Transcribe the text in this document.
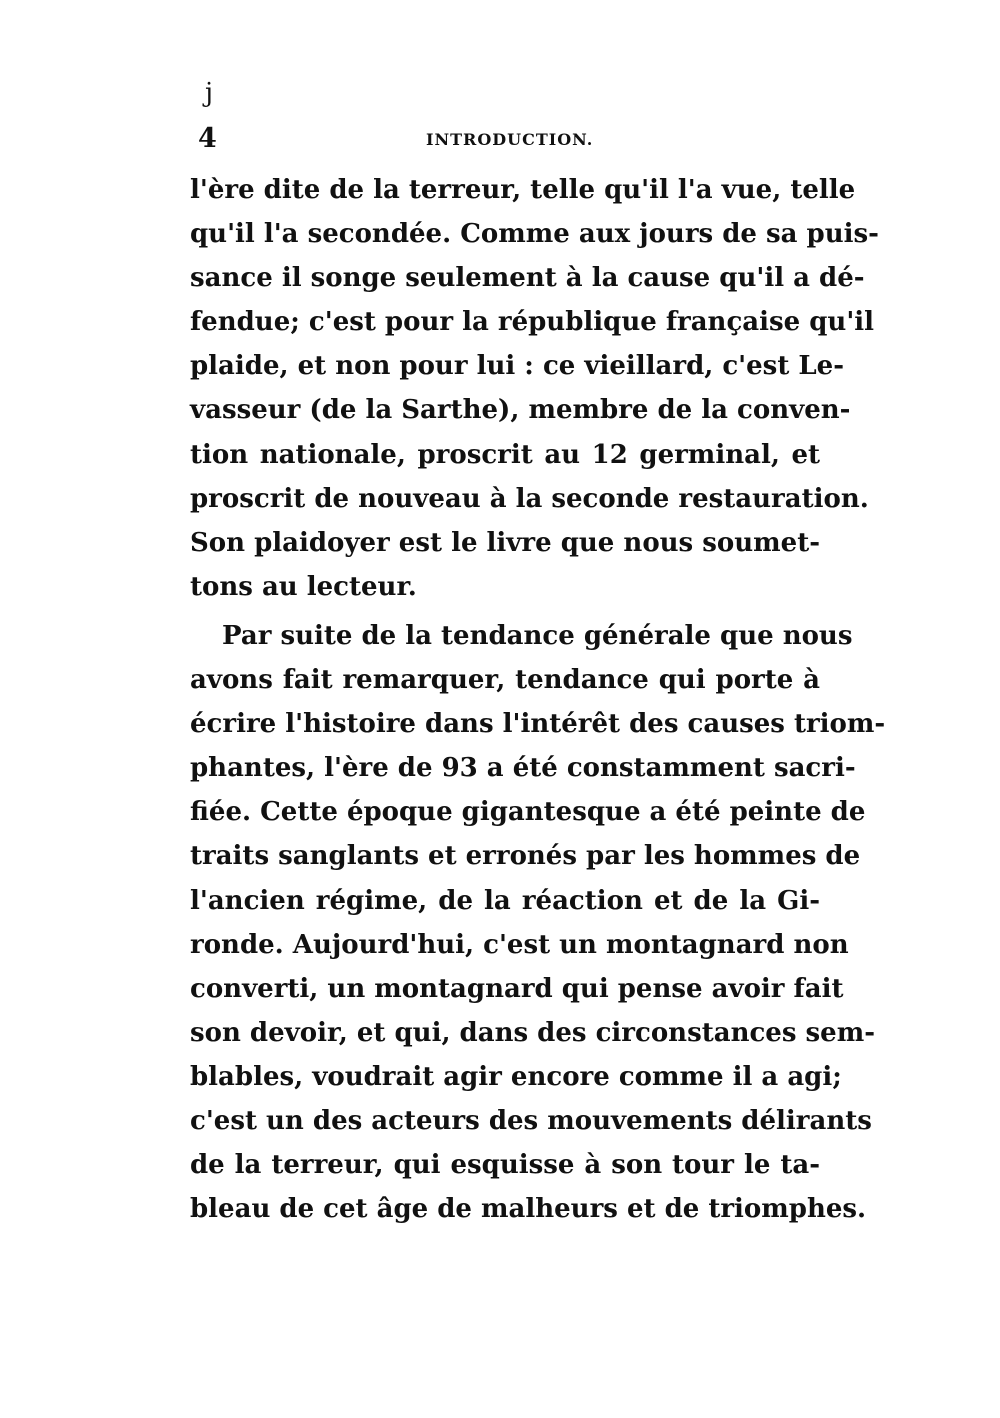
j
4	INTRODUCTION.
l'ère dite de la terreur, telle qu'il l'a vue, telle
qu'il l'a secondée. Comme aux jours de sa puis-
sance il songe seulement à la cause qu'il a dé-
fendue; c'est pour la république française qu'il
plaide, et non pour lui : ce vieillard, c'est Le-
vasseur (de la Sarthe), membre de la conven-
tion nationale, proscrit au 12 germinal, et
proscrit de nouveau à la seconde restauration.
Son plaidoyer est le livre que nous soumet-
tons au lecteur.
Par suite de la tendance générale que nous
avons fait remarquer, tendance qui porte à
écrire l'histoire dans l'intérêt des causes triom-
phantes, l'ère de 93 a été constamment sacri-
fiée. Cette époque gigantesque a été peinte de
traits sanglants et erronés par les hommes de
l'ancien régime, de la réaction et de la Gi-
ronde. Aujourd'hui, c'est un montagnard non
converti, un montagnard qui pense avoir fait
son devoir, et qui, dans des circonstances sem-
blables, voudrait agir encore comme il a agi;
c'est un des acteurs des mouvements délirants
de la terreur, qui esquisse à son tour le ta-
bleau de cet âge de malheurs et de triomphes.
